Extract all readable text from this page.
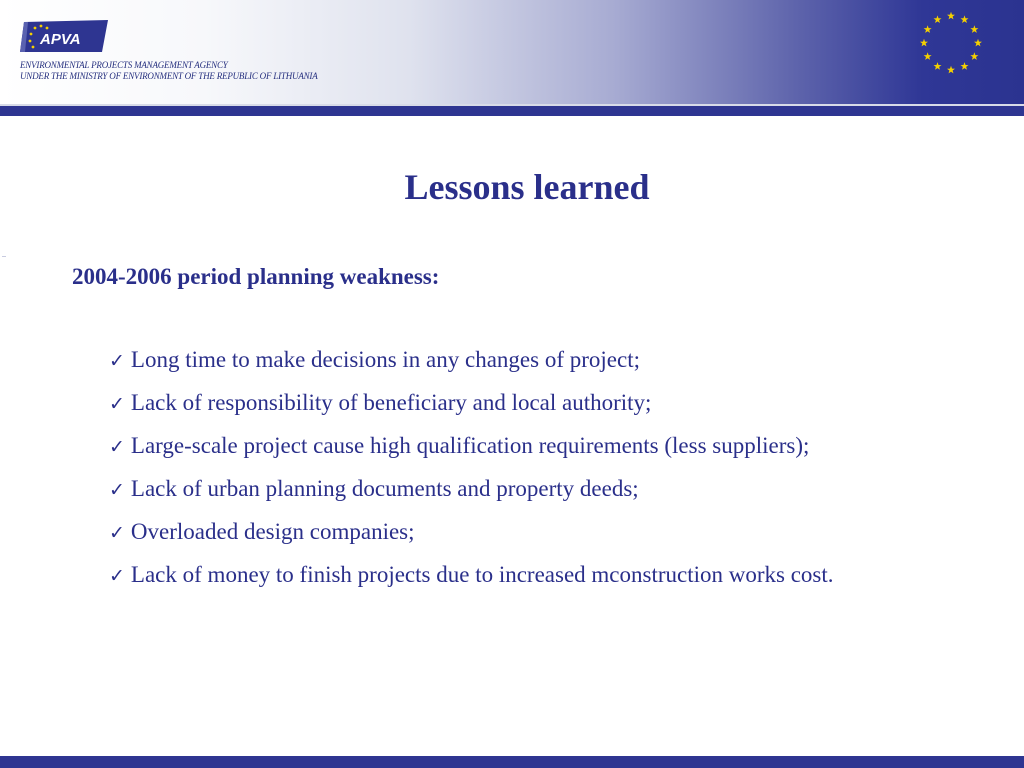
APVA
ENVIRONMENTAL PROJECTS MANAGEMENT AGENCY
UNDER THE MINISTRY OF ENVIRONMENT OF THE REPUBLIC OF LITHUANIA
Lessons learned
2004-2006 period planning weakness:
✓ Long time to make decisions in any changes of project;
✓ Lack of responsibility of beneficiary and local authority;
✓ Large-scale project cause high qualification requirements (less suppliers);
✓ Lack of urban planning documents and property deeds;
✓ Overloaded design companies;
✓ Lack of money to finish projects due to increased mconstruction works cost.
